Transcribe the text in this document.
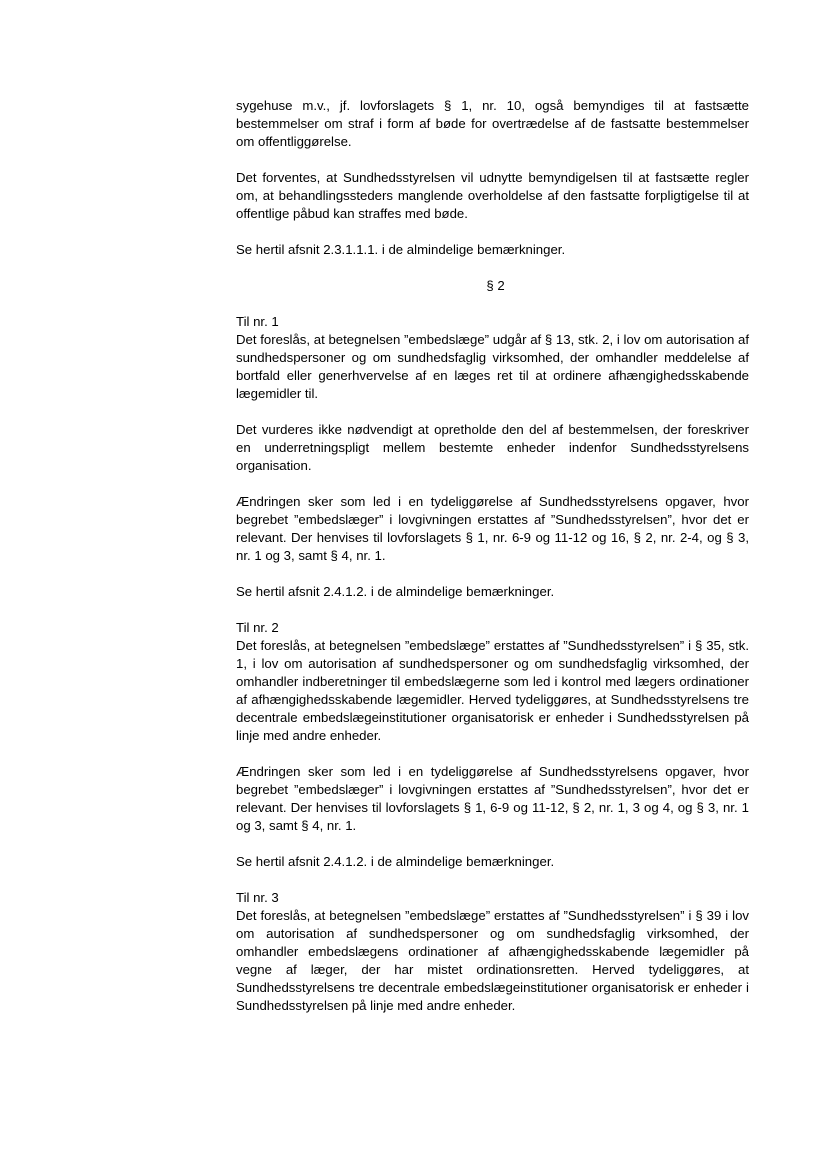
sygehuse m.v., jf. lovforslagets § 1, nr. 10, også bemyndiges til at fastsætte bestemmelser om straf i form af bøde for overtrædelse af de fastsatte bestemmelser om offentliggørelse.

Det forventes, at Sundhedsstyrelsen vil udnytte bemyndigelsen til at fastsætte regler om, at behandlingssteders manglende overholdelse af den fastsatte forpligtigelse til at offentlige påbud kan straffes med bøde.

Se hertil afsnit 2.3.1.1.1. i de almindelige bemærkninger.

§ 2
Til nr. 1
Det foreslås, at betegnelsen ”embedslæge” udgår af § 13, stk. 2, i lov om autorisation af sundhedspersoner og om sundhedsfaglig virksomhed, der omhandler meddelelse af bortfald eller generhvervelse af en læges ret til at ordinere afhængighedsskabende lægemidler til.

Det vurderes ikke nødvendigt at opretholde den del af bestemmelsen, der foreskriver en underretningspligt mellem bestemte enheder indenfor Sundhedsstyrelsens organisation.

Ændringen sker som led i en tydeliggørelse af Sundhedsstyrelsens opgaver, hvor begrebet ”embedslæger” i lovgivningen erstattes af ”Sundhedsstyrelsen”, hvor det er relevant. Der henvises til lovforslagets § 1, nr. 6-9 og 11-12 og 16, § 2, nr. 2-4, og § 3, nr. 1 og 3, samt § 4, nr. 1.

Se hertil afsnit 2.4.1.2. i de almindelige bemærkninger.

Til nr. 2
Det foreslås, at betegnelsen ”embedslæge” erstattes af ”Sundhedsstyrelsen” i § 35, stk. 1, i lov om autorisation af sundhedspersoner og om sundhedsfaglig virksomhed, der omhandler indberetninger til embedslægerne som led i kontrol med lægers ordinationer af afhængighedsskabende lægemidler. Herved tydeliggøres, at Sundhedsstyrelsens tre decentrale embedslægeinstitutioner organisatorisk er enheder i Sundhedsstyrelsen på linje med andre enheder.

Ændringen sker som led i en tydeliggørelse af Sundhedsstyrelsens opgaver, hvor begrebet ”embedslæger” i lovgivningen erstattes af ”Sundhedsstyrelsen”, hvor det er relevant. Der henvises til lovforslagets § 1, 6-9 og 11-12, § 2, nr. 1, 3 og 4, og § 3, nr. 1 og 3, samt § 4, nr. 1.

Se hertil afsnit 2.4.1.2. i de almindelige bemærkninger.

Til nr. 3
Det foreslås, at betegnelsen ”embedslæge” erstattes af ”Sundhedsstyrelsen” i § 39 i lov om autorisation af sundhedspersoner og om sundhedsfaglig virksomhed, der omhandler embedslægens ordinationer af afhængighedsskabende lægemidler på vegne af læger, der har mistet ordinationsretten. Herved tydeliggøres, at Sundhedsstyrelsens tre decentrale embedslægeinstitutioner organisatorisk er enheder i Sundhedsstyrelsen på linje med andre enheder.
